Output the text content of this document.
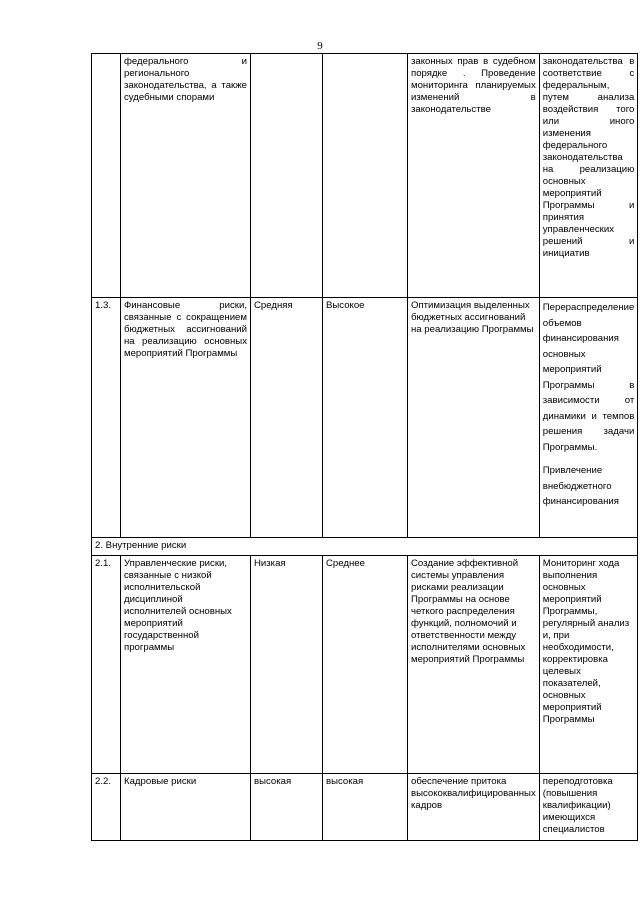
9
	федерального и регионального законодательства, а также судебными спорами			законных прав в судебном порядке . Проведение мониторинга планируемых изменений в законодательстве	законодательства в соответствие с федеральным, путем анализа воздействия того или иного изменения федерального законодательства на реализацию основных мероприятий Программы и принятия управленческих решений и инициатив
1.3.	Финансовые риски, связанные с сокращением бюджетных ассигнований на реализацию основных мероприятий Программы	Средняя	Высокое	Оптимизация выделенных бюджетных ассигнований на реализацию Программы	Перераспределение объемов финансирования основных мероприятий Программы в зависимости от динамики и темпов решения задачи Программы.

Привлечение внебюджетного финансирования

2. Внутренние риски					
2.1.	Управленческие риски, связанные с низкой исполнительской дисциплиной исполнителей основных мероприятий государственной программы	Низкая	Среднее	Создание эффективной системы управления рисками реализации Программы на основе четкого распределения функций, полномочий и ответственности между исполнителями основных мероприятий Программы	Мониторинг хода выполнения основных мероприятий Программы, регулярный анализ и, при необходимости, корректировка целевых показателей, основных мероприятий Программы
2.2.	Кадровые риски	высокая	высокая	обеспечение притока высококвалифицированных кадров	переподготовка (повышения квалификации) имеющихся специалистов
